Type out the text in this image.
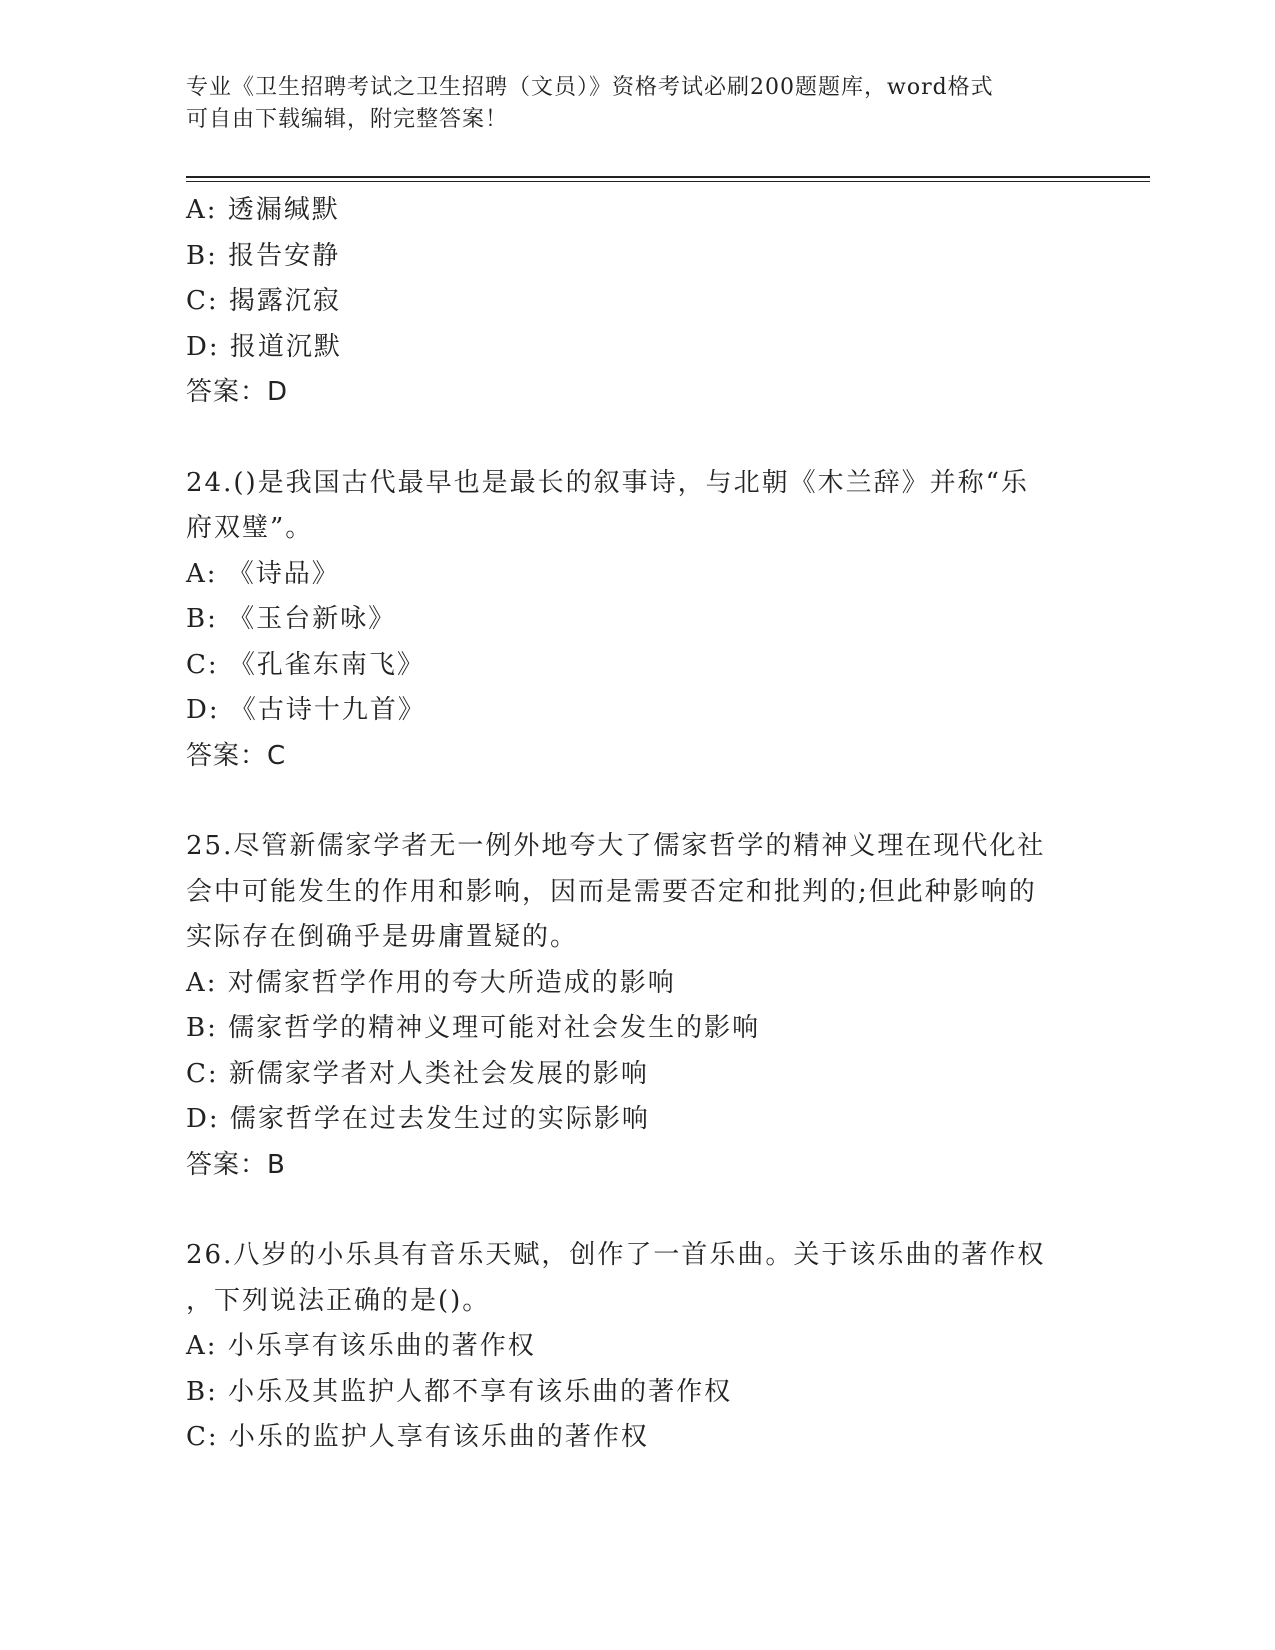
专业《卫生招聘考试之卫生招聘（文员）》资格考试必刷200题题库，word格式
可自由下载编辑，附完整答案！
A: 透漏缄默
B: 报告安静
C: 揭露沉寂
D: 报道沉默
答案：D
24.()是我国古代最早也是最长的叙事诗，与北朝《木兰辞》并称“乐
府双璧”。
A: 《诗品》
B: 《玉台新咏》
C: 《孔雀东南飞》
D: 《古诗十九首》
答案：C
25.尽管新儒家学者无一例外地夸大了儒家哲学的精神义理在现代化社
会中可能发生的作用和影响，因而是需要否定和批判的;但此种影响的
实际存在倒确乎是毋庸置疑的。
A: 对儒家哲学作用的夸大所造成的影响
B: 儒家哲学的精神义理可能对社会发生的影响
C: 新儒家学者对人类社会发展的影响
D: 儒家哲学在过去发生过的实际影响
答案：B
26.八岁的小乐具有音乐天赋，创作了一首乐曲。关于该乐曲的著作权
，下列说法正确的是()。
A: 小乐享有该乐曲的著作权
B: 小乐及其监护人都不享有该乐曲的著作权
C: 小乐的监护人享有该乐曲的著作权
